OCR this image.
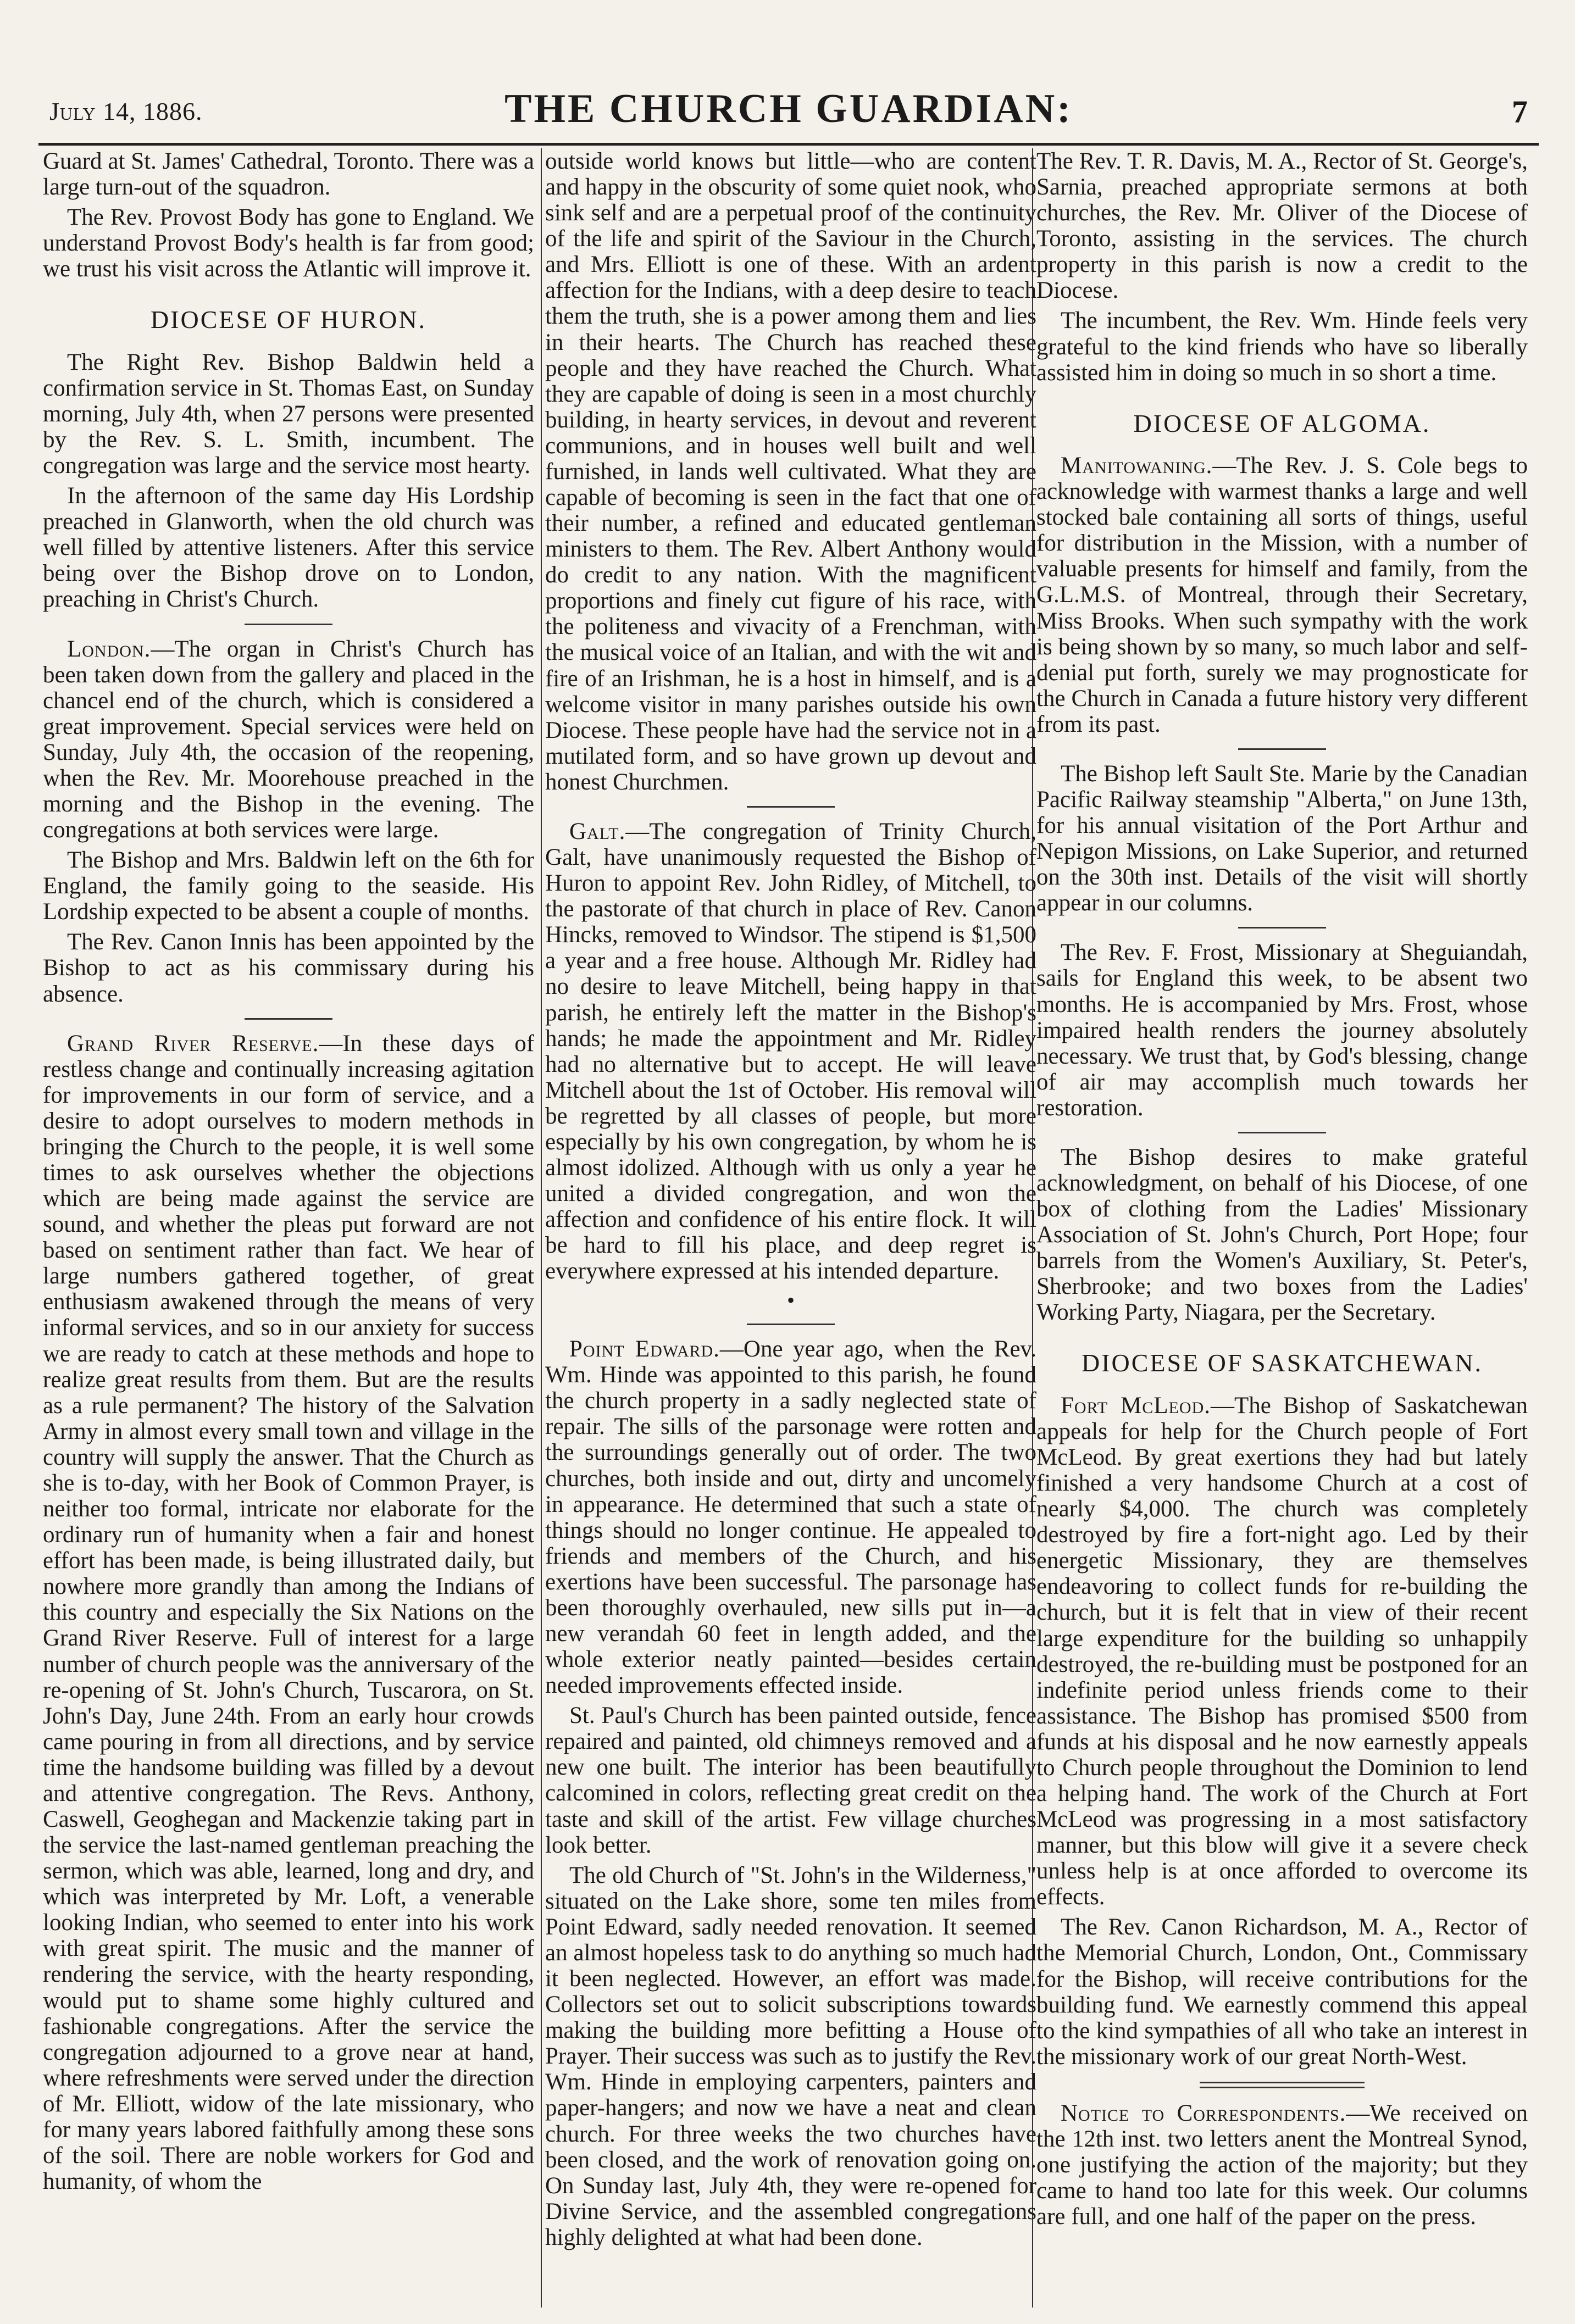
July 14, 1886.	THE CHURCH GUARDIAN:	7

Guard at St. James' Cathedral, Toronto. There was a large turn-out of the squadron.

The Rev. Provost Body has gone to England. We understand Provost Body's health is far from good; we trust his visit across the Atlantic will improve it.

DIOCESE OF HURON.

The Right Rev. Bishop Baldwin held a confirmation service in St. Thomas East, on Sunday morning, July 4th, when 27 persons were presented by the Rev. S. L. Smith, incumbent. The congregation was large and the service most hearty.

In the afternoon of the same day His Lordship preached in Glanworth, when the old church was well filled by attentive listeners. After this service being over the Bishop drove on to London, preaching in Christ's Church.

London.—The organ in Christ's Church has been taken down from the gallery and placed in the chancel end of the church, which is considered a great improvement. Special services were held on Sunday, July 4th, the occasion of the reopening, when the Rev. Mr. Moorehouse preached in the morning and the Bishop in the evening. The congregations at both services were large.

The Bishop and Mrs. Baldwin left on the 6th for England, the family going to the seaside. His Lordship expected to be absent a couple of months.

The Rev. Canon Innis has been appointed by the Bishop to act as his commissary during his absence.

Grand River Reserve.—In these days of restless change and continually increasing agitation for improvements in our form of service, and a desire to adopt ourselves to modern methods in bringing the Church to the people, it is well some times to ask ourselves whether the objections which are being made against the service are sound, and whether the pleas put forward are not based on sentiment rather than fact. We hear of large numbers gathered together, of great enthusiasm awakened through the means of very informal services, and so in our anxiety for success we are ready to catch at these methods and hope to realize great results from them. But are the results as a rule permanent? The history of the Salvation Army in almost every small town and village in the country will supply the answer. That the Church as she is to-day, with her Book of Common Prayer, is neither too formal, intricate nor elaborate for the ordinary run of humanity when a fair and honest effort has been made, is being illustrated daily, but nowhere more grandly than among the Indians of this country and especially the Six Nations on the Grand River Reserve. Full of interest for a large number of church people was the anniversary of the re-opening of St. John's Church, Tuscarora, on St. John's Day, June 24th. From an early hour crowds came pouring in from all directions, and by service time the handsome building was filled by a devout and attentive congregation. The Revs. Anthony, Caswell, Geoghegan and Mackenzie taking part in the service the last-named gentleman preaching the sermon, which was able, learned, long and dry, and which was interpreted by Mr. Loft, a venerable looking Indian, who seemed to enter into his work with great spirit. The music and the manner of rendering the service, with the hearty responding, would put to shame some highly cultured and fashionable congregations. After the service the congregation adjourned to a grove near at hand, where refreshments were served under the direction of Mr. Elliott, widow of the late missionary, who for many years labored faithfully among these sons of the soil. There are noble workers for God and humanity, of whom the

outside world knows but little—who are content and happy in the obscurity of some quiet nook, who sink self and are a perpetual proof of the continuity of the life and spirit of the Saviour in the Church, and Mrs. Elliott is one of these. With an ardent affection for the Indians, with a deep desire to teach them the truth, she is a power among them and lies in their hearts. The Church has reached these people and they have reached the Church. What they are capable of doing is seen in a most churchly building, in hearty services, in devout and reverent communions, and in houses well built and well furnished, in lands well cultivated. What they are capable of becoming is seen in the fact that one of their number, a refined and educated gentleman ministers to them. The Rev. Albert Anthony would do credit to any nation. With the magnificent proportions and finely cut figure of his race, with the politeness and vivacity of a Frenchman, with the musical voice of an Italian, and with the wit and fire of an Irishman, he is a host in himself, and is a welcome visitor in many parishes outside his own Diocese. These people have had the service not in a mutilated form, and so have grown up devout and honest Churchmen.

Galt.—The congregation of Trinity Church, Galt, have unanimously requested the Bishop of Huron to appoint Rev. John Ridley, of Mitchell, to the pastorate of that church in place of Rev. Canon Hincks, removed to Windsor. The stipend is $1,500 a year and a free house. Although Mr. Ridley had no desire to leave Mitchell, being happy in that parish, he entirely left the matter in the Bishop's hands; he made the appointment and Mr. Ridley had no alternative but to accept. He will leave Mitchell about the 1st of October. His removal will be regretted by all classes of people, but more especially by his own congregation, by whom he is almost idolized. Although with us only a year he united a divided congregation, and won the affection and confidence of his entire flock. It will be hard to fill his place, and deep regret is everywhere expressed at his intended departure.

•

Point Edward.—One year ago, when the Rev. Wm. Hinde was appointed to this parish, he found the church property in a sadly neglected state of repair. The sills of the parsonage were rotten and the surroundings generally out of order. The two churches, both inside and out, dirty and uncomely in appearance. He determined that such a state of things should no longer continue. He appealed to friends and members of the Church, and his exertions have been successful. The parsonage has been thoroughly overhauled, new sills put in—a new verandah 60 feet in length added, and the whole exterior neatly painted—besides certain needed improvements effected inside.

St. Paul's Church has been painted outside, fence repaired and painted, old chimneys removed and a new one built. The interior has been beautifully calcomined in colors, reflecting great credit on the taste and skill of the artist. Few village churches look better.

The old Church of "St. John's in the Wilderness," situated on the Lake shore, some ten miles from Point Edward, sadly needed renovation. It seemed an almost hopeless task to do anything so much had it been neglected. However, an effort was made. Collectors set out to solicit subscriptions towards making the building more befitting a House of Prayer. Their success was such as to justify the Rev. Wm. Hinde in employing carpenters, painters and paper-hangers; and now we have a neat and clean church. For three weeks the two churches have been closed, and the work of renovation going on. On Sunday last, July 4th, they were re-opened for Divine Service, and the assembled congregations highly delighted at what had been done.

The Rev. T. R. Davis, M. A., Rector of St. George's, Sarnia, preached appropriate sermons at both churches, the Rev. Mr. Oliver of the Diocese of Toronto, assisting in the services. The church property in this parish is now a credit to the Diocese.

The incumbent, the Rev. Wm. Hinde feels very grateful to the kind friends who have so liberally assisted him in doing so much in so short a time.

DIOCESE OF ALGOMA.

Manitowaning.—The Rev. J. S. Cole begs to acknowledge with warmest thanks a large and well stocked bale containing all sorts of things, useful for distribution in the Mission, with a number of valuable presents for himself and family, from the G.L.M.S. of Montreal, through their Secretary, Miss Brooks. When such sympathy with the work is being shown by so many, so much labor and self-denial put forth, surely we may prognosticate for the Church in Canada a future history very different from its past.

The Bishop left Sault Ste. Marie by the Canadian Pacific Railway steamship "Alberta," on June 13th, for his annual visitation of the Port Arthur and Nepigon Missions, on Lake Superior, and returned on the 30th inst. Details of the visit will shortly appear in our columns.

The Rev. F. Frost, Missionary at Sheguiandah, sails for England this week, to be absent two months. He is accompanied by Mrs. Frost, whose impaired health renders the journey absolutely necessary. We trust that, by God's blessing, change of air may accomplish much towards her restoration.

The Bishop desires to make grateful acknowledgment, on behalf of his Diocese, of one box of clothing from the Ladies' Missionary Association of St. John's Church, Port Hope; four barrels from the Women's Auxiliary, St. Peter's, Sherbrooke; and two boxes from the Ladies' Working Party, Niagara, per the Secretary.

DIOCESE OF SASKATCHEWAN.

Fort McLeod.—The Bishop of Saskatchewan appeals for help for the Church people of Fort McLeod. By great exertions they had but lately finished a very handsome Church at a cost of nearly $4,000. The church was completely destroyed by fire a fort-night ago. Led by their energetic Missionary, they are themselves endeavoring to collect funds for re-building the church, but it is felt that in view of their recent large expenditure for the building so unhappily destroyed, the re-building must be postponed for an indefinite period unless friends come to their assistance. The Bishop has promised $500 from funds at his disposal and he now earnestly appeals to Church people throughout the Dominion to lend a helping hand. The work of the Church at Fort McLeod was progressing in a most satisfactory manner, but this blow will give it a severe check unless help is at once afforded to overcome its effects.

The Rev. Canon Richardson, M. A., Rector of the Memorial Church, London, Ont., Commissary for the Bishop, will receive contributions for the building fund. We earnestly commend this appeal to the kind sympathies of all who take an interest in the missionary work of our great North-West.

Notice to Correspondents.—We received on the 12th inst. two letters anent the Montreal Synod, one justifying the action of the majority; but they came to hand too late for this week. Our columns are full, and one half of the paper on the press.
